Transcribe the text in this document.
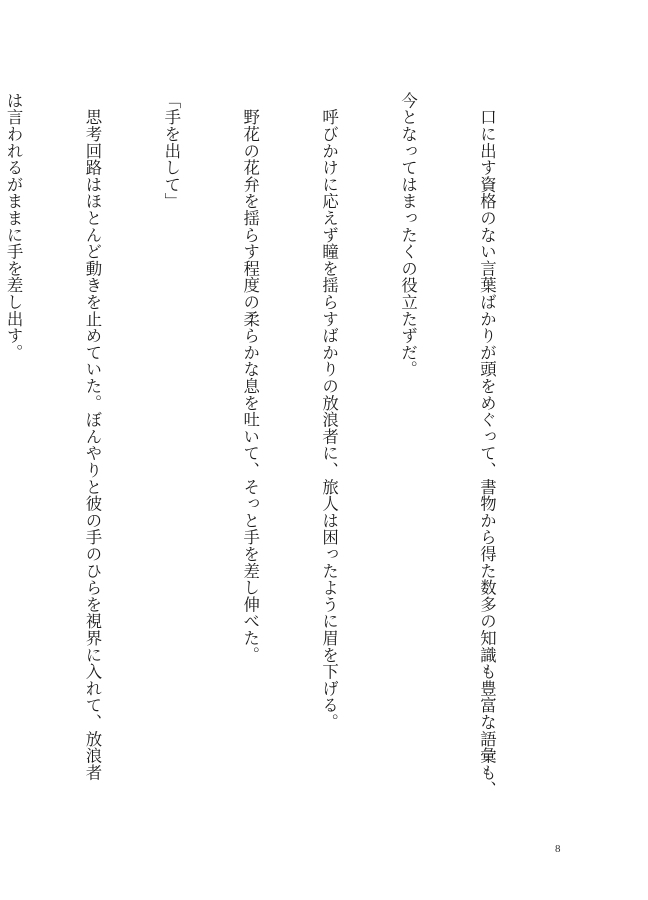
　口に出す資格のない言葉ばかりが頭をめぐって、書物から得た数多の知識も豊富な語彙も、

今となってはまったくの役立たずだ。

　呼びかけに応えず瞳を揺らすばかりの放浪者に、旅人は困ったように眉を下げる。

　野花の花弁を揺らす程度の柔らかな息を吐いて、そっと手を差し伸べた。

「手を出して」

　思考回路はほとんど動きを止めていた。ぼんやりと彼の手のひらを視界に入れて、放浪者

は言われるがままに手を差し出す。

8
